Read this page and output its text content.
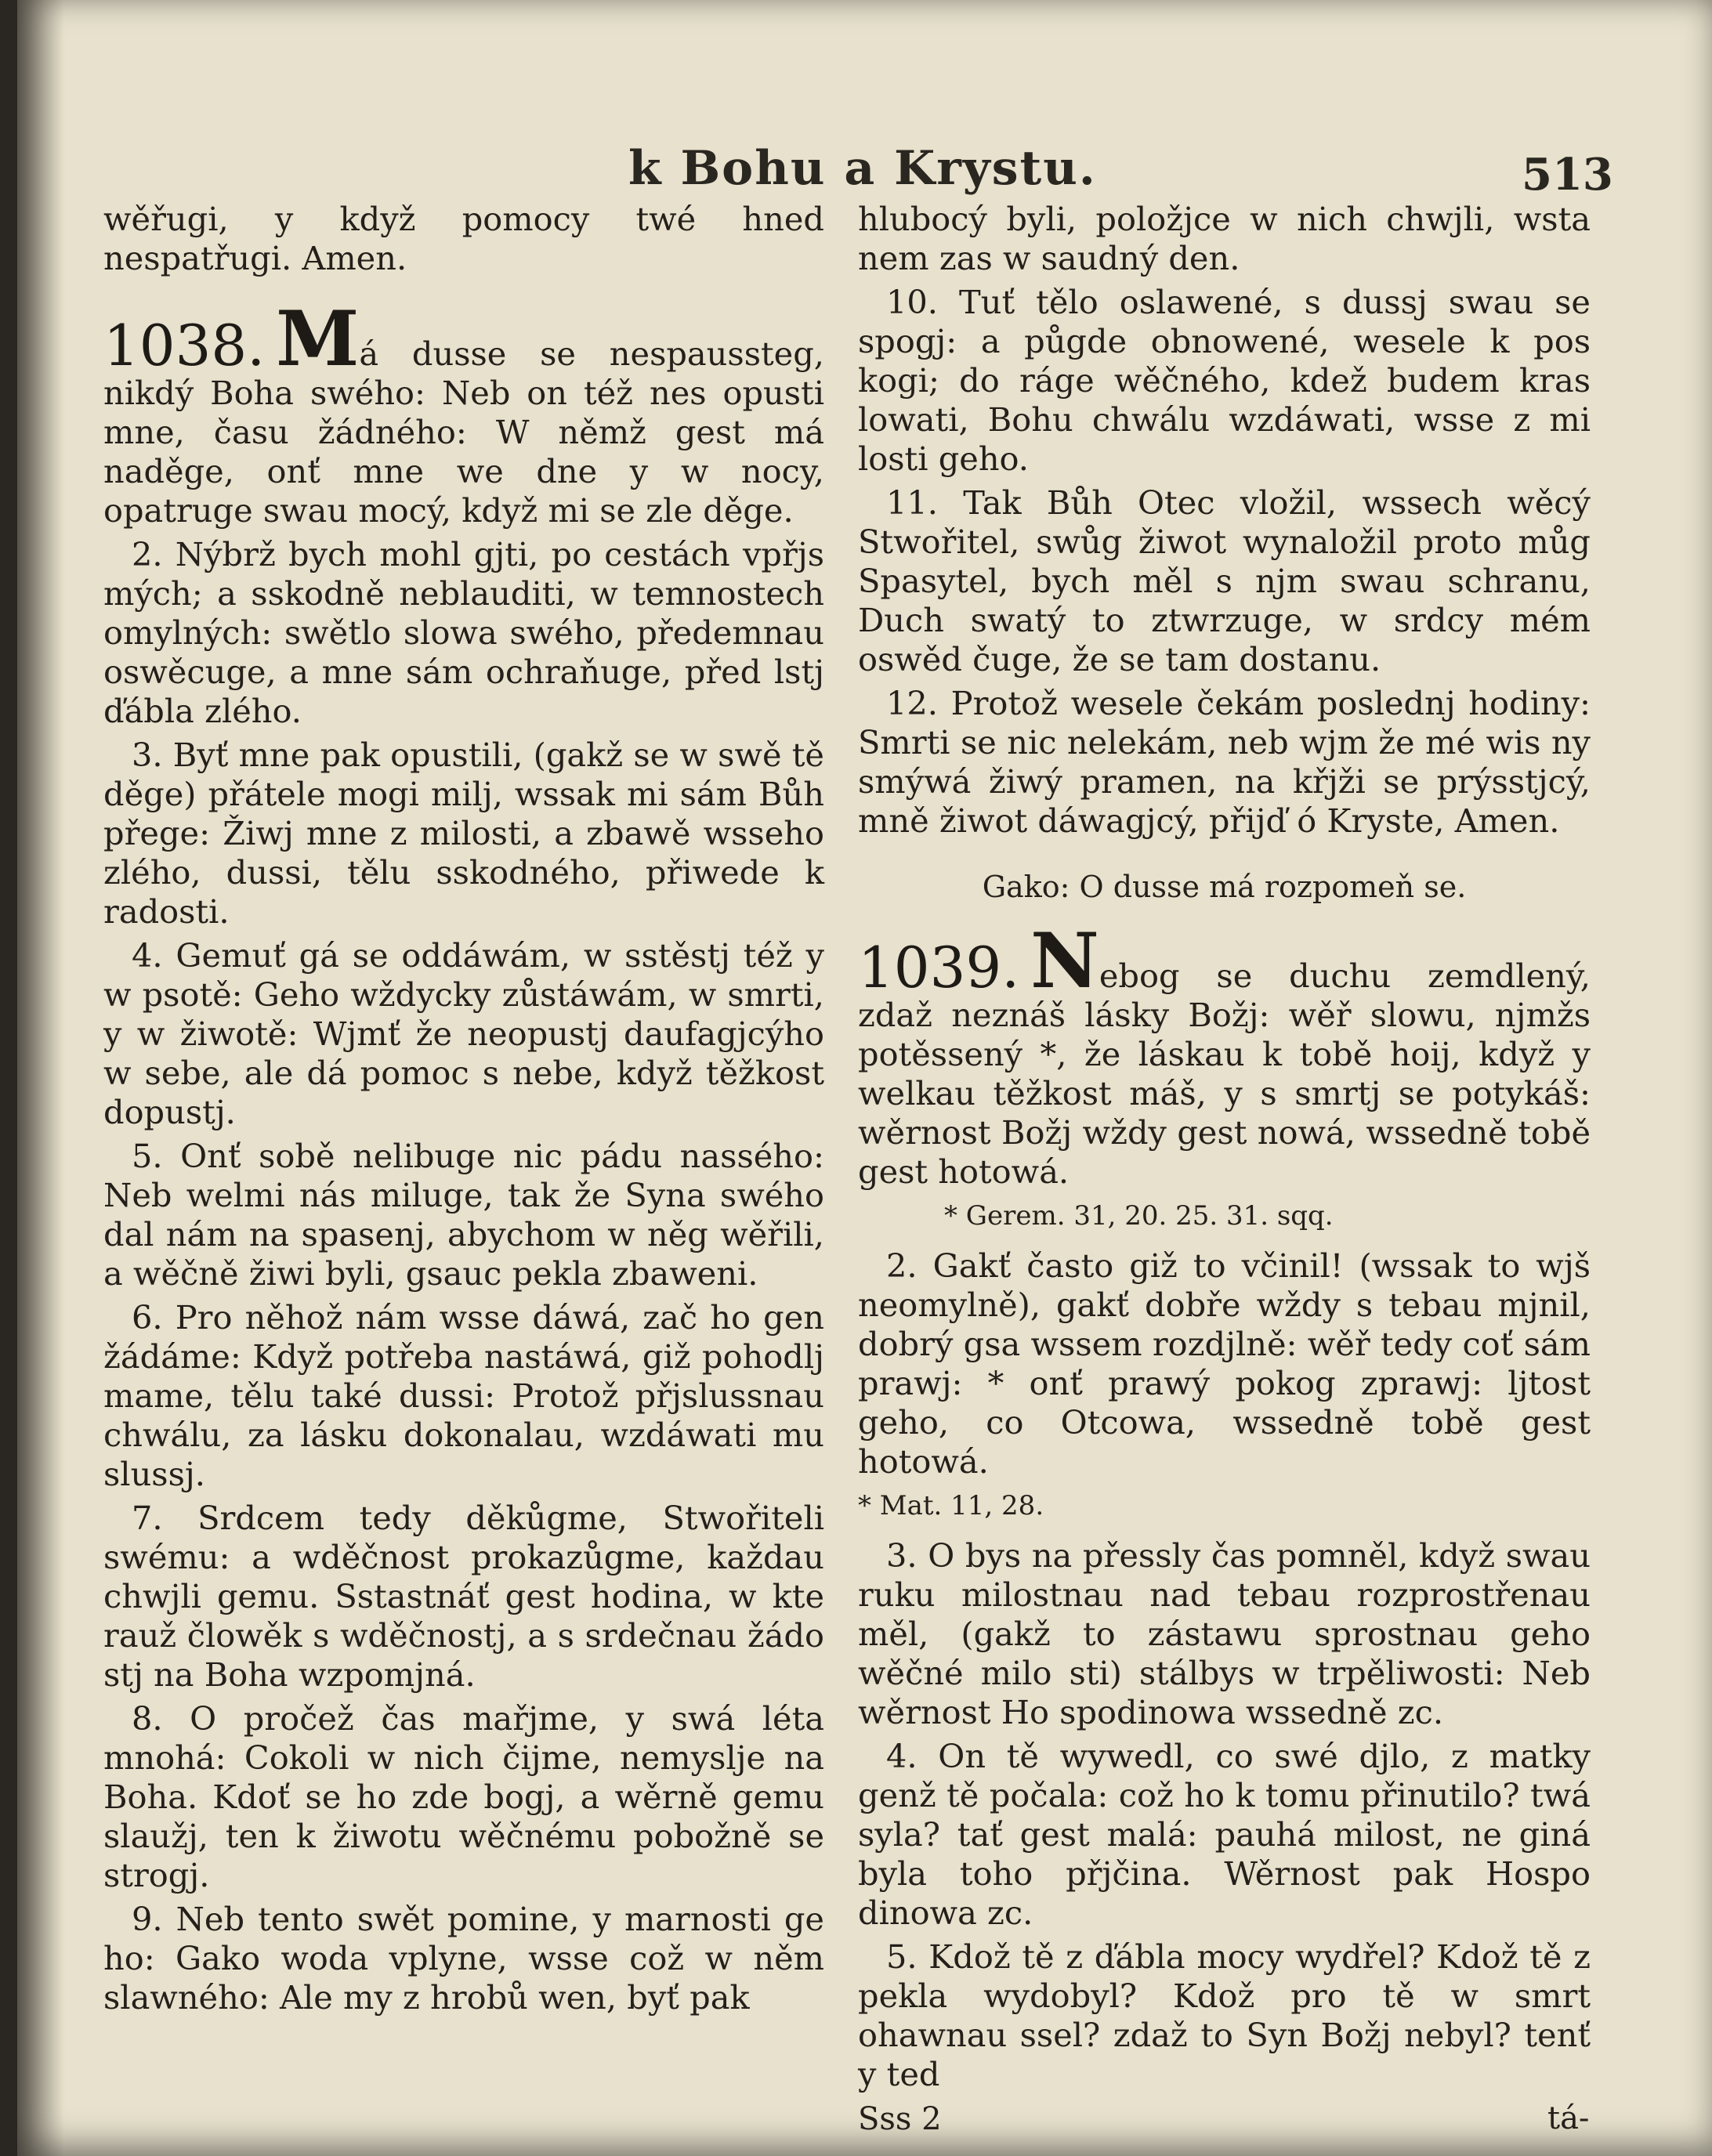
k Bohu a Krystu.	513

wěřugi, y když pomocy twé hned nespatřugi. Amen.

1038. Má dusse se nespaussteg, nikdý Boha swého: Neb on též nes opusti mne, času žádného: W němž gest má naděge, onť mne we dne y w nocy, opatruge swau mocý, když mi se zle děge.

2. Nýbrž bych mohl gjti, po cestách vpřjs mých; a sskodně neblauditi, w temnostech omylných: swětlo slowa swého, předemnau oswěcuge, a mne sám ochraňuge, před lstj ďábla zlého.

3. Byť mne pak opustili, (gakž se w swě tě děge) přátele mogi milj, wssak mi sám Bůh přege: Žiwj mne z milosti, a zbawě wsseho zlého, dussi, tělu sskodného, přiwede k radosti.

4. Gemuť gá se oddáwám, w sstěstj též y w psotě: Geho wždycky zůstáwám, w smrti, y w žiwotě: Wjmť že neopustj daufagjcýho w sebe, ale dá pomoc s nebe, když těžkost dopustj.

5. Onť sobě nelibuge nic pádu nassého: Neb welmi nás miluge, tak že Syna swého dal nám na spasenj, abychom w něg wěřili, a wěčně žiwi byli, gsauc pekla zbaweni.

6. Pro něhož nám wsse dáwá, zač ho gen žádáme: Když potřeba nastáwá, giž pohodlj mame, tělu také dussi: Protož přjslussnau chwálu, za lásku dokonalau, wzdáwati mu slussj.

7. Srdcem tedy děkůgme, Stwořiteli swému: a wděčnost prokazůgme, každau chwjli gemu. Sstastnáť gest hodina, w kte rauž člowěk s wděčnostj, a s srdečnau žádo stj na Boha wzpomjná.

8. O pročež čas mařjme, y swá léta mnohá: Cokoli w nich čijme, nemyslje na Boha. Kdoť se ho zde bogj, a wěrně gemu slaužj, ten k žiwotu wěčnému pobožně se strogj.

9. Neb tento swět pomine, y marnosti ge ho: Gako woda vplyne, wsse což w něm slawného: Ale my z hrobů wen, byť pak

hlubocý byli, položjce w nich chwjli, wsta nem zas w saudný den.

10. Tuť tělo oslawené, s dussj swau se spogj: a půgde obnowené, wesele k pos kogi; do ráge wěčného, kdež budem kras lowati, Bohu chwálu wzdáwati, wsse z mi losti geho.

11. Tak Bůh Otec vložil, wssech wěcý Stwořitel, swůg žiwot wynaložil proto můg Spasytel, bych měl s njm swau schranu, Duch swatý to ztwrzuge, w srdcy mém oswěd čuge, že se tam dostanu.

12. Protož wesele čekám poslednj hodiny: Smrti se nic nelekám, neb wjm že mé wis ny smýwá žiwý pramen, na křjži se prýsstjcý, mně žiwot dáwagjcý, přijď ó Kryste, Amen.

Gako: O dusse má rozpomeň se.

1039. Nebog se duchu zemdlený, zdaž neznáš lásky Božj: wěř slowu, njmžs potěssený *, že láskau k tobě hoij, když y welkau těžkost máš, y s smrtj se potykáš: wěrnost Božj wždy gest nowá, wssedně tobě gest hotowá.

* Gerem. 31, 20. 25. 31. sqq.

2. Gakť často giž to včinil! (wssak to wjš neomylně), gakť dobře wždy s tebau mjnil, dobrý gsa wssem rozdjlně: wěř tedy coť sám prawj: * onť prawý pokog zprawj: ljtost geho, co Otcowa, wssedně tobě gest hotowá.

* Mat. 11, 28.

3. O bys na přessly čas pomněl, když swau ruku milostnau nad tebau rozprostřenau měl, (gakž to zástawu sprostnau geho wěčné milo sti) stálbys w trpěliwosti: Neb wěrnost Ho spodinowa wssedně zc.

4. On tě wywedl, co swé djlo, z matky genž tě počala: což ho k tomu přinutilo? twá syla? tať gest malá: pauhá milost, ne giná byla toho přjčina. Wěrnost pak Hospo dinowa zc.

5. Kdož tě z ďábla mocy wydřel? Kdož tě z pekla wydobyl? Kdož pro tě w smrt ohawnau ssel? zdaž to Syn Božj nebyl? tenť y ted

Sss 2	tá-
